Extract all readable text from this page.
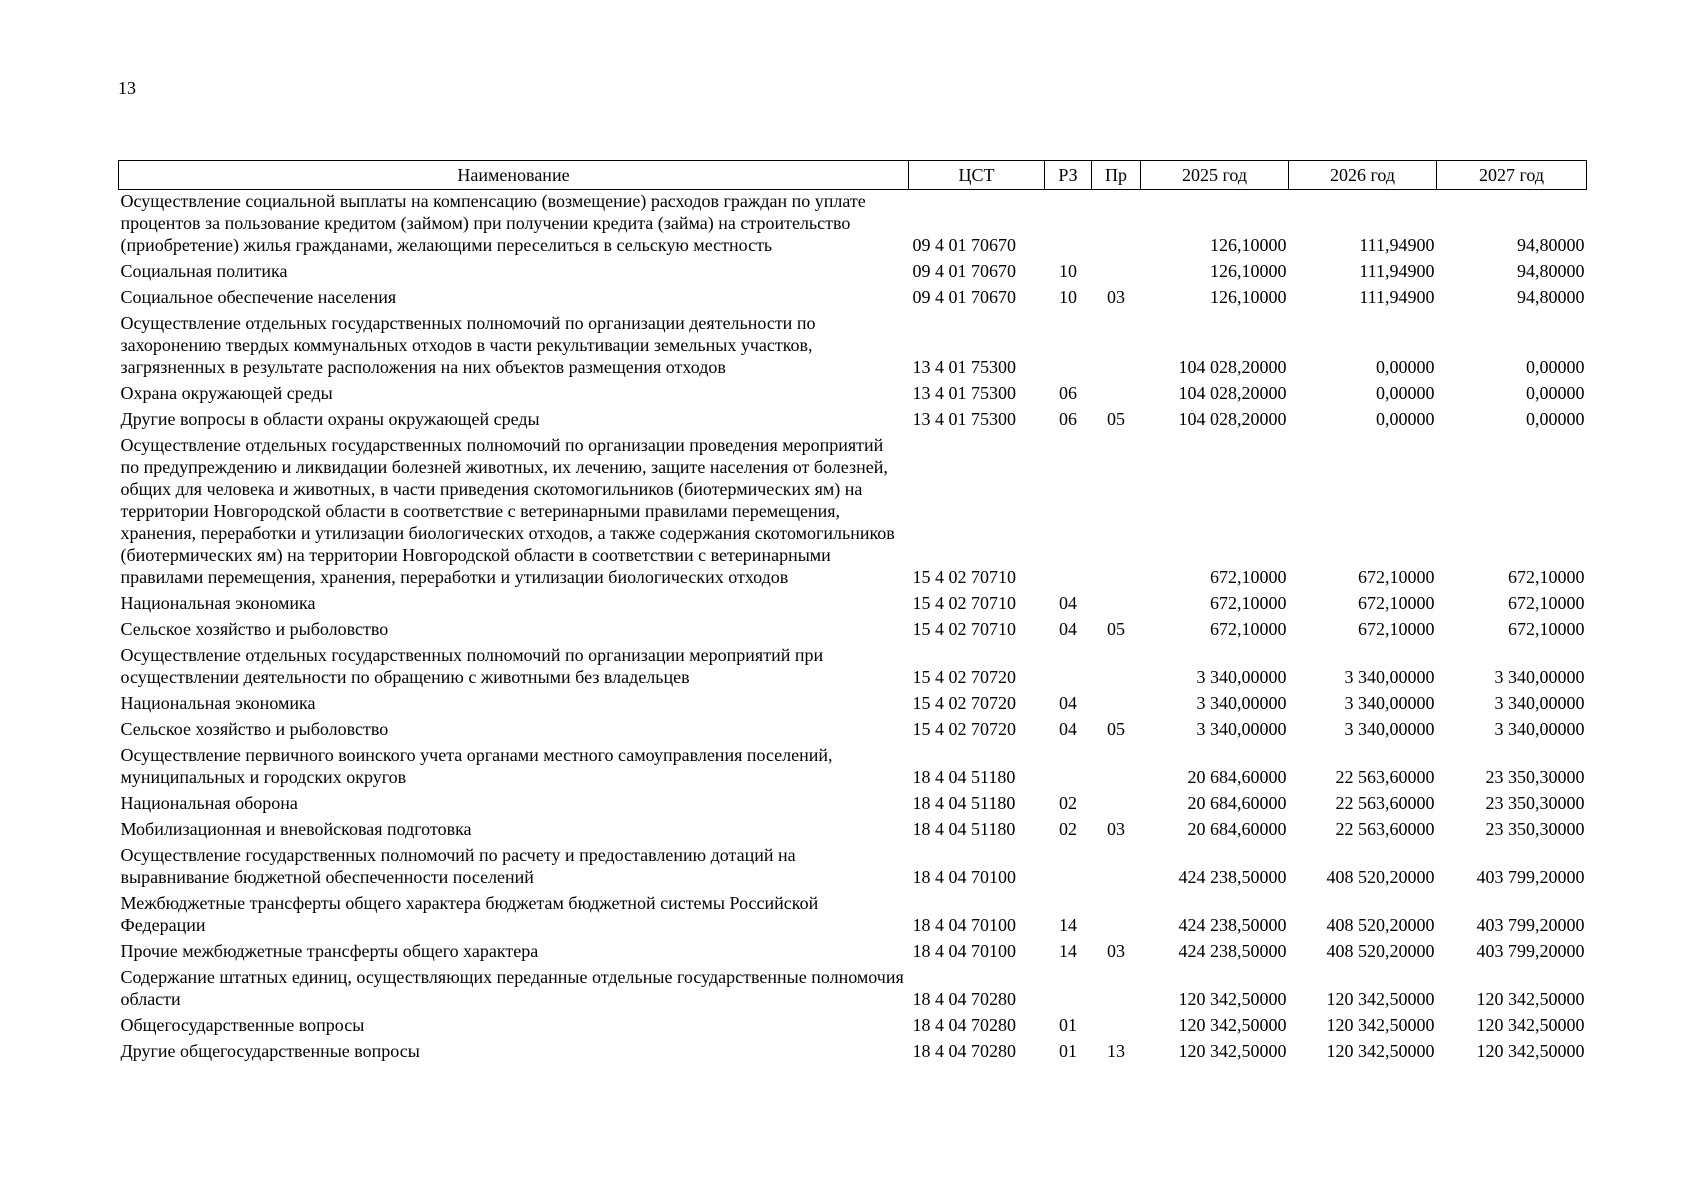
13
Наименование	ЦСТ	РЗ	Пр	2025 год	2026 год	2027 год
Осуществление социальной выплаты на компенсацию (возмещение) расходов граждан по уплате процентов за пользование кредитом (займом) при получении кредита (займа) на строительство (приобретение) жилья гражданами, желающими переселиться в сельскую местность	09 4 01 70670			126,10000	111,94900	94,80000
Социальная политика	09 4 01 70670	10		126,10000	111,94900	94,80000
Социальное обеспечение населения	09 4 01 70670	10	03	126,10000	111,94900	94,80000
Осуществление отдельных государственных полномочий по организации деятельности по захоронению твердых коммунальных отходов в части рекультивации земельных участков, загрязненных в результате расположения на них объектов размещения отходов	13 4 01 75300			104 028,20000	0,00000	0,00000
Охрана окружающей среды	13 4 01 75300	06		104 028,20000	0,00000	0,00000
Другие вопросы в области охраны окружающей среды	13 4 01 75300	06	05	104 028,20000	0,00000	0,00000
Осуществление отдельных государственных полномочий по организации проведения мероприятий по предупреждению и ликвидации болезней животных, их лечению, защите населения от болезней, общих для человека и животных, в части приведения скотомогильников (биотермических ям) на территории Новгородской области в соответствие с ветеринарными правилами перемещения, хранения, переработки и утилизации биологических отходов, а также содержания скотомогильников (биотермических ям) на территории Новгородской области в соответствии с ветеринарными правилами перемещения, хранения, переработки и утилизации биологических отходов	15 4 02 70710			672,10000	672,10000	672,10000
Национальная экономика	15 4 02 70710	04		672,10000	672,10000	672,10000
Сельское хозяйство и рыболовство	15 4 02 70710	04	05	672,10000	672,10000	672,10000
Осуществление отдельных государственных полномочий по организации мероприятий при осуществлении деятельности по обращению с животными без владельцев	15 4 02 70720			3 340,00000	3 340,00000	3 340,00000
Национальная экономика	15 4 02 70720	04		3 340,00000	3 340,00000	3 340,00000
Сельское хозяйство и рыболовство	15 4 02 70720	04	05	3 340,00000	3 340,00000	3 340,00000
Осуществление первичного воинского учета органами местного самоуправления поселений, муниципальных и городских округов	18 4 04 51180			20 684,60000	22 563,60000	23 350,30000
Национальная оборона	18 4 04 51180	02		20 684,60000	22 563,60000	23 350,30000
Мобилизационная и вневойсковая подготовка	18 4 04 51180	02	03	20 684,60000	22 563,60000	23 350,30000
Осуществление государственных полномочий по расчету и предоставлению дотаций на выравнивание бюджетной обеспеченности поселений	18 4 04 70100			424 238,50000	408 520,20000	403 799,20000
Межбюджетные трансферты общего характера бюджетам бюджетной системы Российской Федерации	18 4 04 70100	14		424 238,50000	408 520,20000	403 799,20000
Прочие межбюджетные трансферты общего характера	18 4 04 70100	14	03	424 238,50000	408 520,20000	403 799,20000
Содержание штатных единиц, осуществляющих переданные отдельные государственные полномочия области	18 4 04 70280			120 342,50000	120 342,50000	120 342,50000
Общегосударственные вопросы	18 4 04 70280	01		120 342,50000	120 342,50000	120 342,50000
Другие общегосударственные вопросы	18 4 04 70280	01	13	120 342,50000	120 342,50000	120 342,50000
